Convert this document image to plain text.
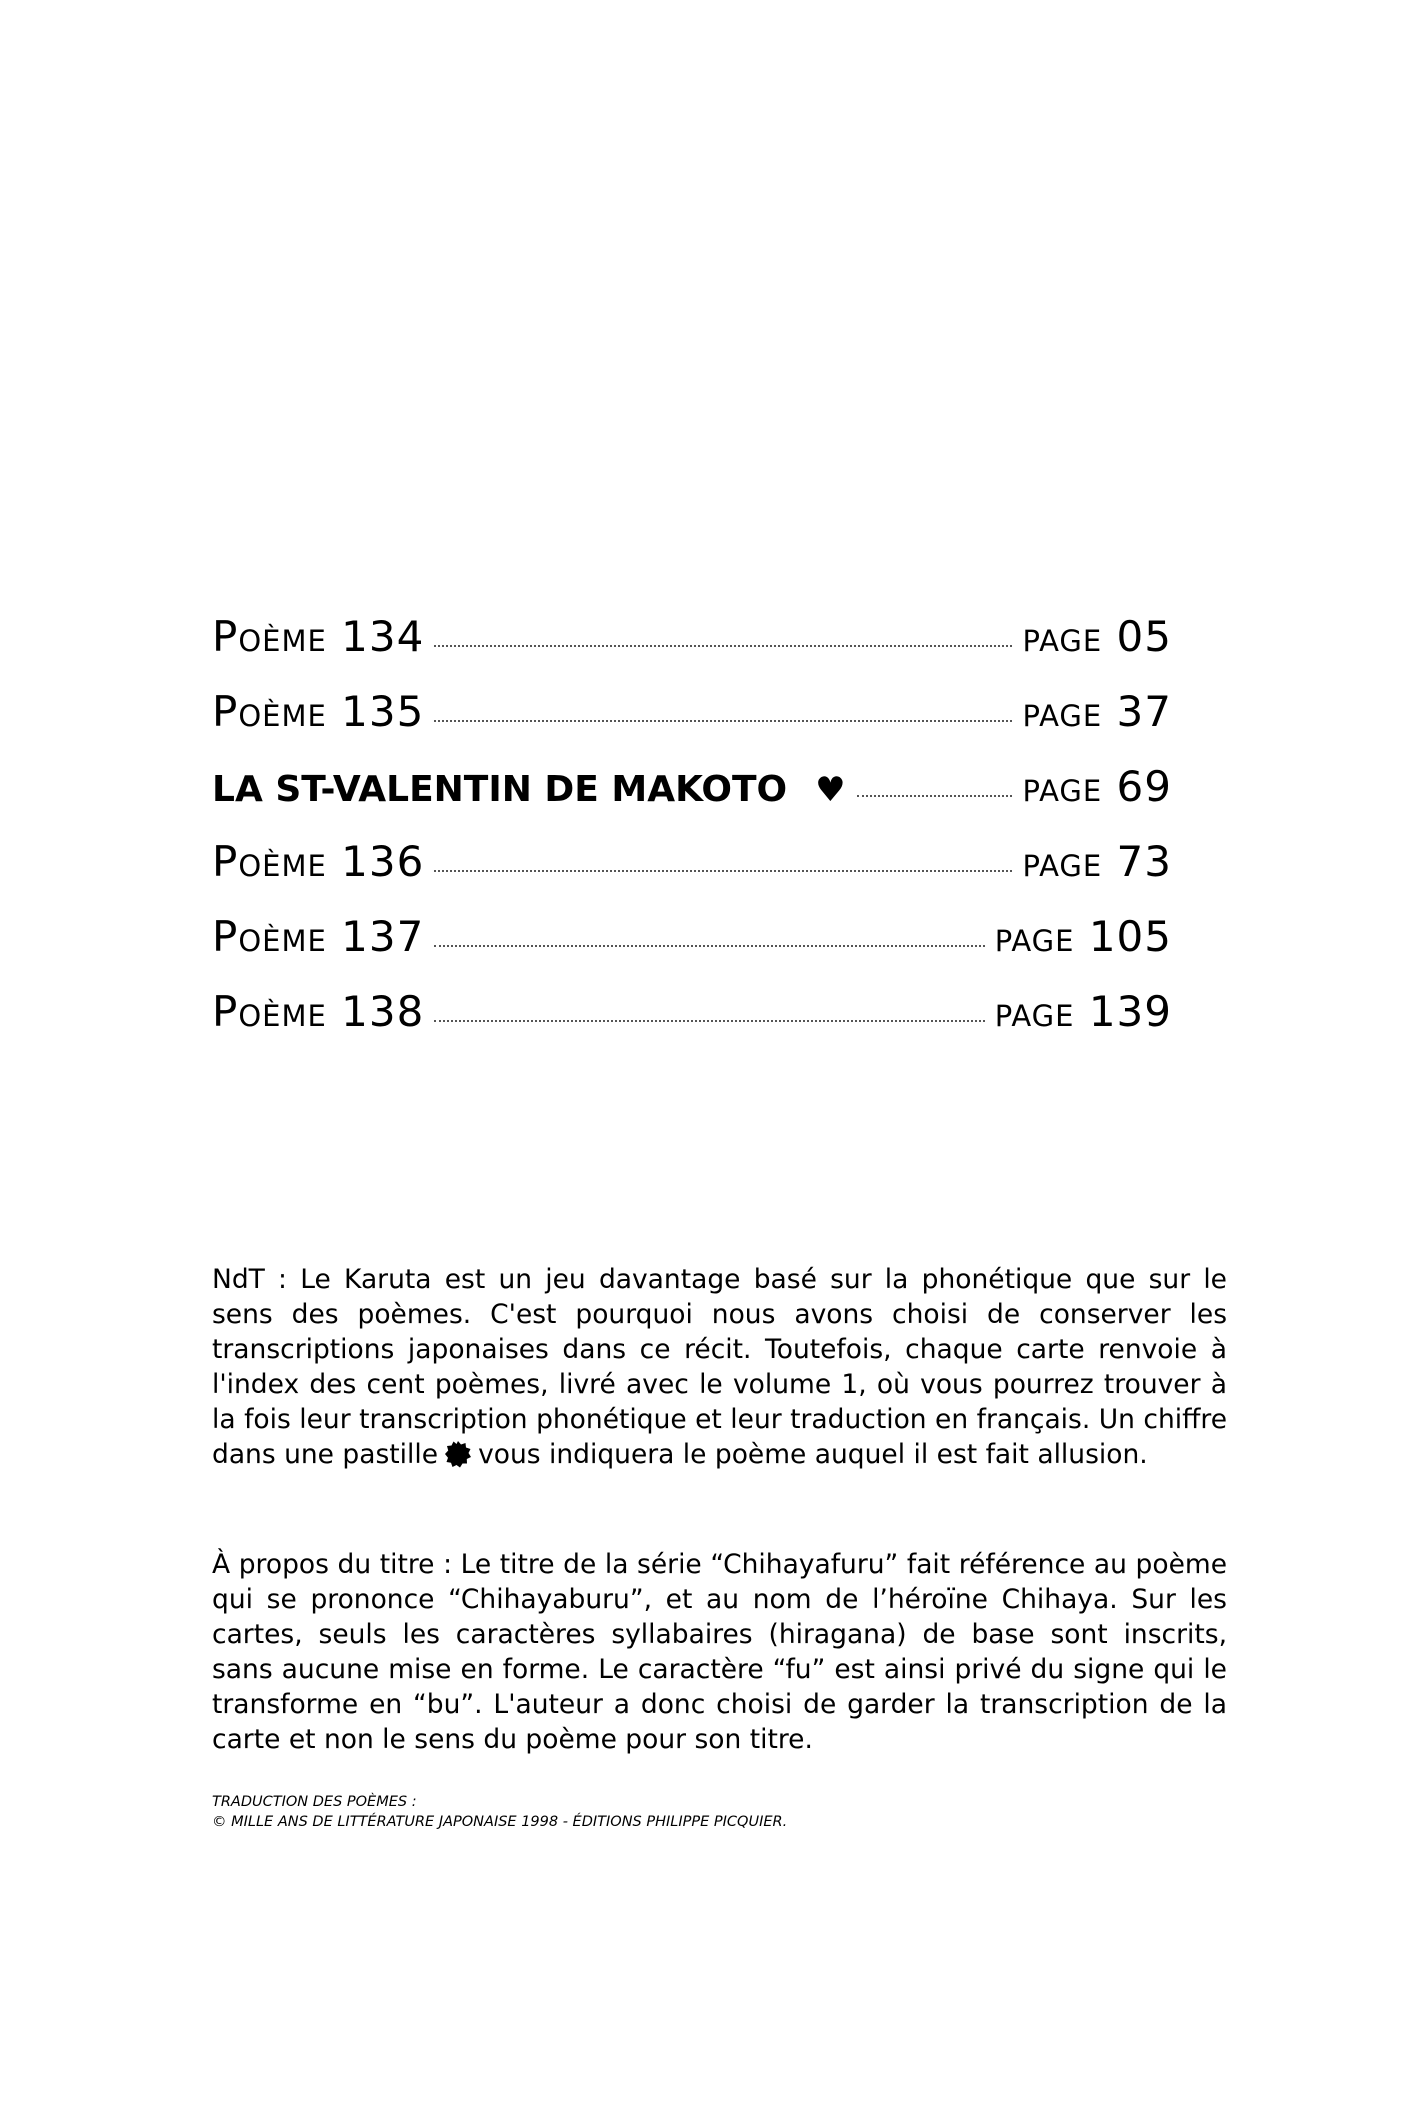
Poème 134	page 05
Poème 135	page 37
LA ST-VALENTIN DE MAKOTO ♥	page 69
Poème 136	page 73
Poème 137	page 105
Poème 138	page 139

NdT : Le Karuta est un jeu davantage basé sur la phonétique que sur le sens des poèmes. C'est pourquoi nous avons choisi de conserver les transcriptions japonaises dans ce récit. Toutefois, chaque carte renvoie à l'index des cent poèmes, livré avec le volume 1, où vous pourrez trouver à la fois leur transcription phonétique et leur traduction en français. Un chiffre dans une pastille vous indiquera le poème auquel il est fait allusion.

À propos du titre : Le titre de la série “Chihayafuru” fait référence au poème qui se prononce “Chihayaburu”, et au nom de l’héroïne Chihaya. Sur les cartes, seuls les caractères syllabaires (hiragana) de base sont inscrits, sans aucune mise en forme. Le caractère “fu” est ainsi privé du signe qui le transforme en “bu”. L'auteur a donc choisi de garder la transcription de la carte et non le sens du poème pour son titre.

TRADUCTION DES POÈMES :
© MILLE ANS DE LITTÉRATURE JAPONAISE 1998 - ÉDITIONS PHILIPPE PICQUIER.
